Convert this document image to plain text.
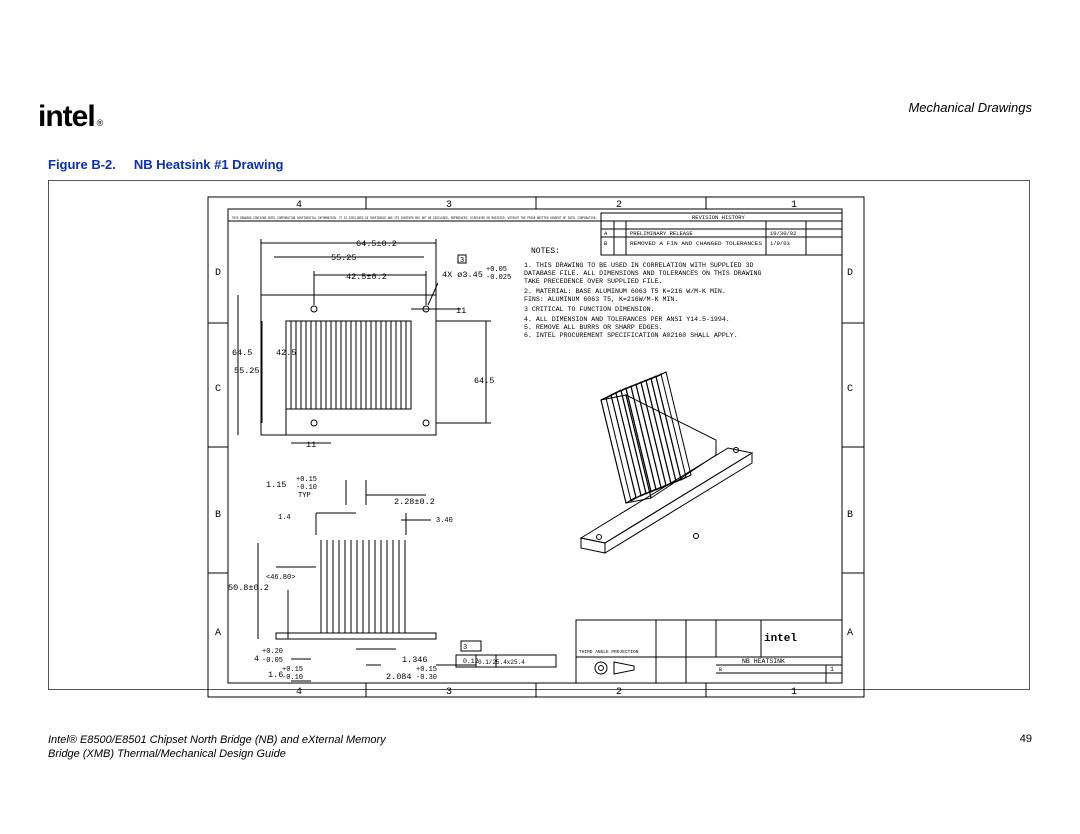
intel ®
Mechanical Drawings
Figure B-2. NB Heatsink #1 Drawing
4	3	2	1
4	3	2	1
D
C
B
A
D
C
B
A
THIS DRAWING CONTAINS INTEL CORPORATION CONFIDENTIAL INFORMATION. IT IS DISCLOSED IN CONFIDENCE AND ITS CONTENTS MAY NOT BE DISCLOSED, REPRODUCED, DISPLAYED OR MODIFIED, WITHOUT THE PRIOR WRITTEN CONSENT OF INTEL CORPORATION.	REVISION HISTORY
A	PRELIMINARY RELEASE	10/30/02
B	REMOVED A FIN AND CHANGED TOLERANCES 1/9/03
64.5±0.2
55.25
42.5±0.2	4X ø3.45 +0.05
-0.025
11
64.5	42.5
55.25
64.5
11
3
1.15 +0.15
-0.10
TYP
2.28±0.2
1.4	3.40
<46.80>
50.8±0.2
4
+0.20
-0.05	1.346	0.12 0.1/25.4x25.4
3
1.6
+0.15
-0.10	2.084
+0.15
-0.30
NOTES:
1. THIS DRAWING TO BE USED IN CORRELATION WITH SUPPLIED 3D
DATABASE FILE. ALL DIMENSIONS AND TOLERANCES ON THIS DRAWING
TAKE PRECEDENCE OVER SUPPLIED FILE.
2. MATERIAL: BASE ALUMINUM 6063 T5 K=216 W/M-K MIN.
FINS: ALUMINUM 6063 T5, K=216W/M-K MIN.
3 CRITICAL TO FUNCTION DIMENSION.
4. ALL DIMENSION AND TOLERANCES PER ANSI Y14.5-1994.
5. REMOVE ALL BURRS OR SHARP EDGES.
6. INTEL PROCUREMENT SPECIFICATION A02160 SHALL APPLY.
THIRD ANGLE PROJECTION
NB HEATSINK
B	1
intel
Intel® E8500/E8501 Chipset North Bridge (NB) and eXternal Memory
Bridge (XMB) Thermal/Mechanical Design Guide
49
